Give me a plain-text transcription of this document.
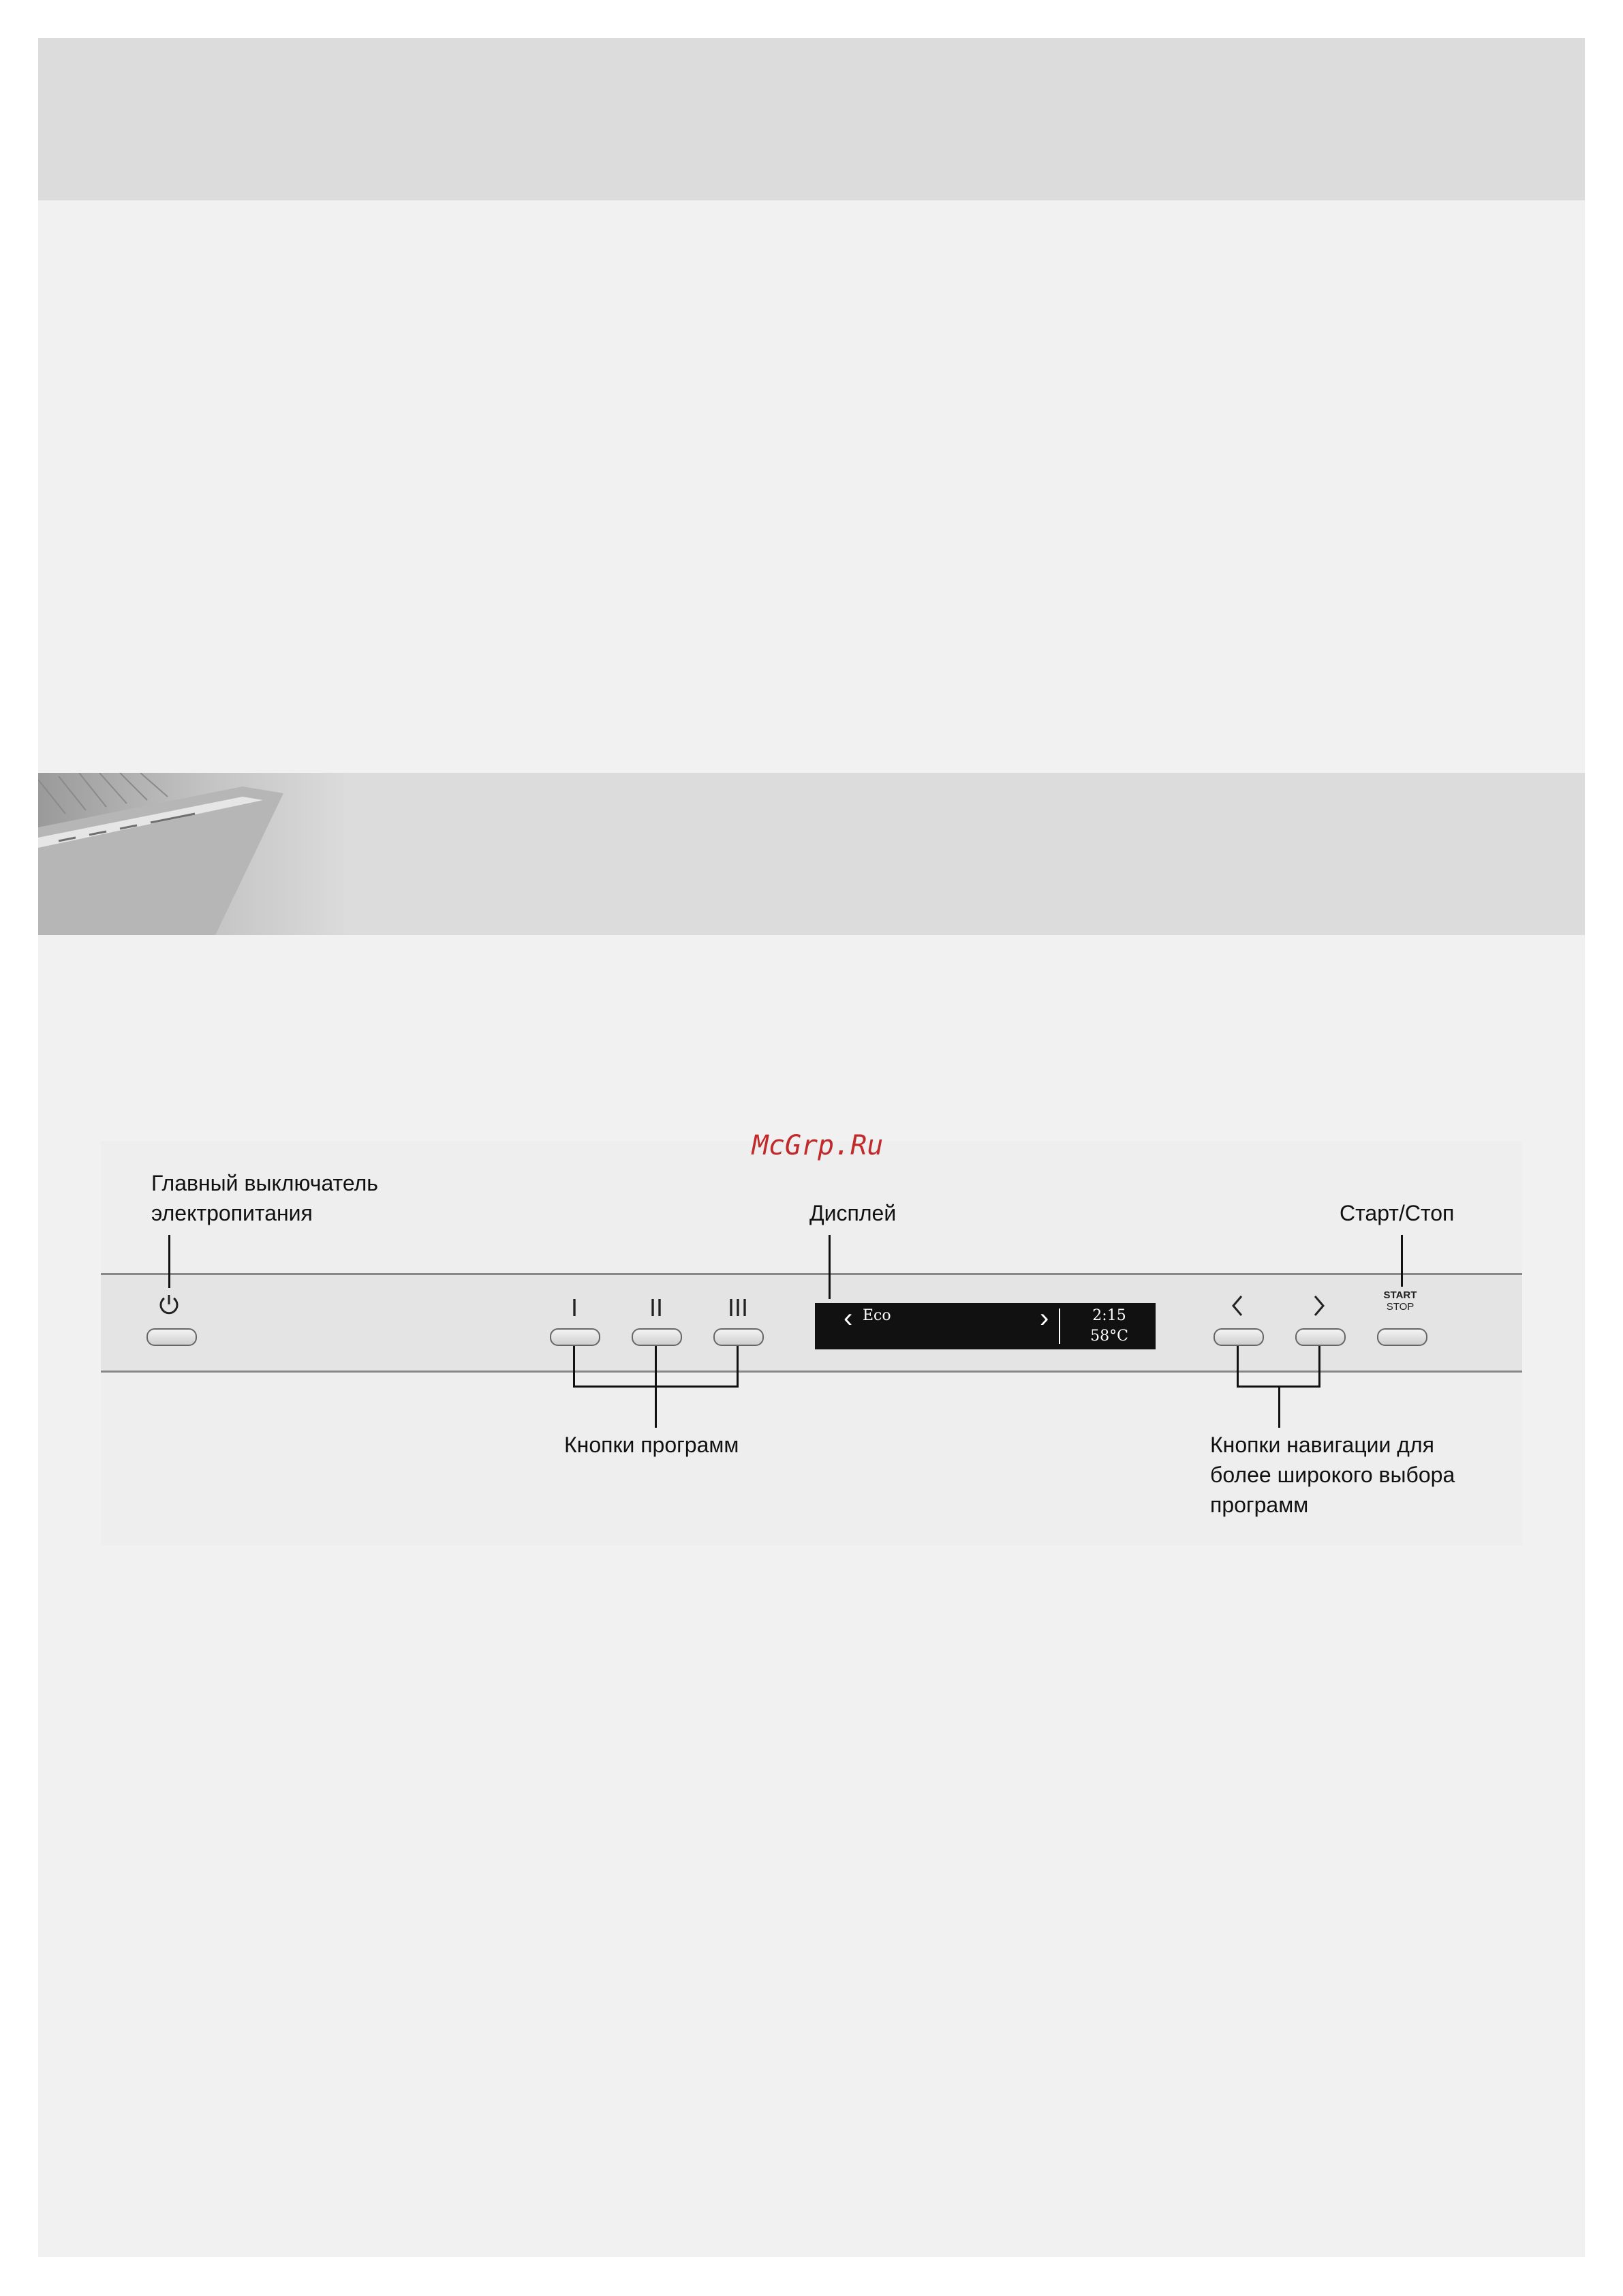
McGrp.Ru
Главный выключатель
электропитания	Дисплей	Старт/Стоп
Кнопки программ	Кнопки навигации для
более широкого выбора
программ
I	II	III	‹ Eco	›	2:15
58°C
START
STOP
